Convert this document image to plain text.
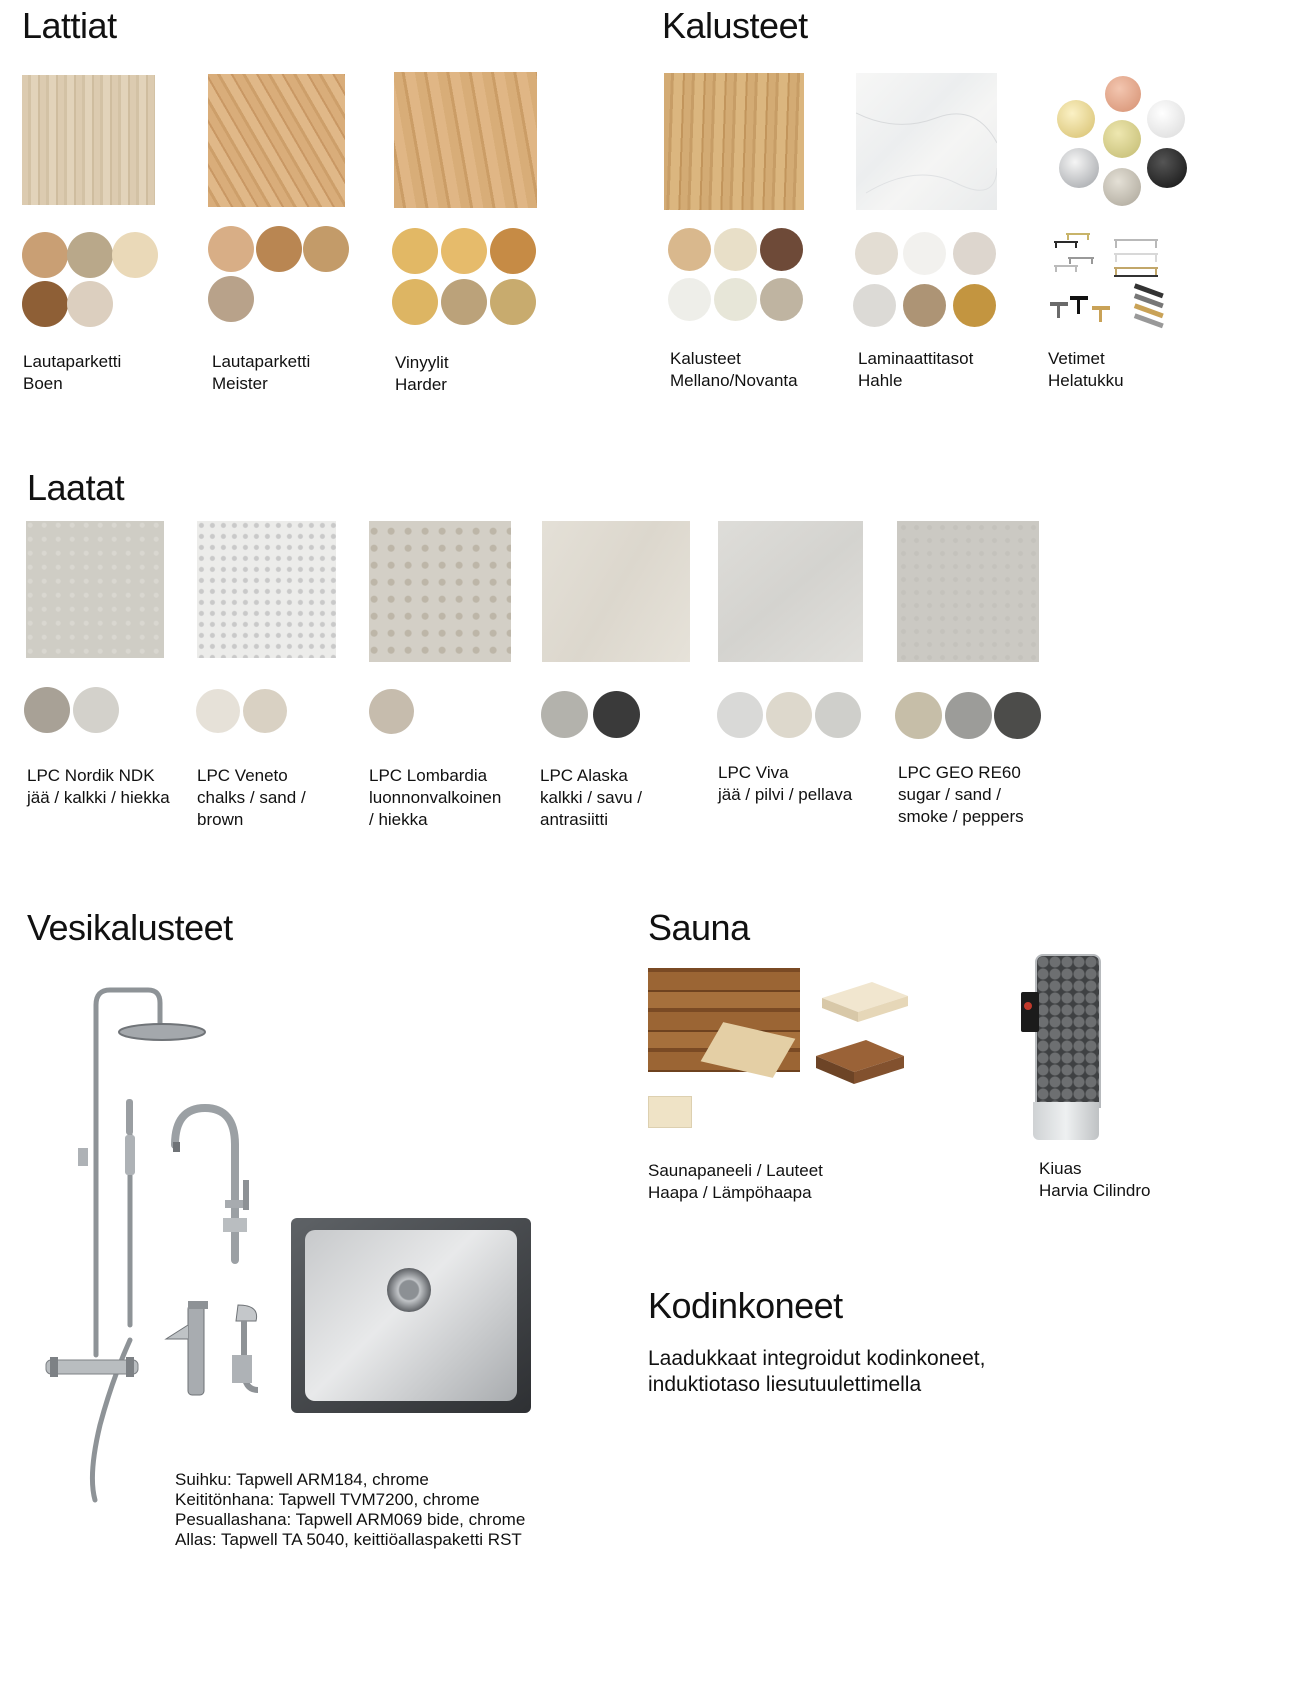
Lattiat
Lautaparketti
Boen
Lautaparketti
Meister
Vinyylit
Harder
Kalusteet
Kalusteet
Mellano/Novanta
Laminaattitasot
Hahle
Vetimet
Helatukku
Laatat
LPC Nordik NDK
jää / kalkki / hiekka
LPC Veneto
chalks / sand /
brown
LPC Lombardia
luonnonvalkoinen
/ hiekka
LPC Alaska
kalkki / savu /
antrasiitti
LPC Viva
jää / pilvi / pellava
LPC GEO RE60
sugar / sand /
smoke / peppers
Vesikalusteet
Suihku: Tapwell ARM184, chrome
Keititönhana: Tapwell TVM7200, chrome
Pesuallashana: Tapwell ARM069 bide, chrome
Allas: Tapwell TA 5040, keittiöallaspaketti RST
Sauna
Saunapaneeli / Lauteet
Haapa / Lämpöhaapa
Kiuas
Harvia Cilindro
Kodinkoneet
Laadukkaat integroidut kodinkoneet,
induktiotaso liesutuulettimella
